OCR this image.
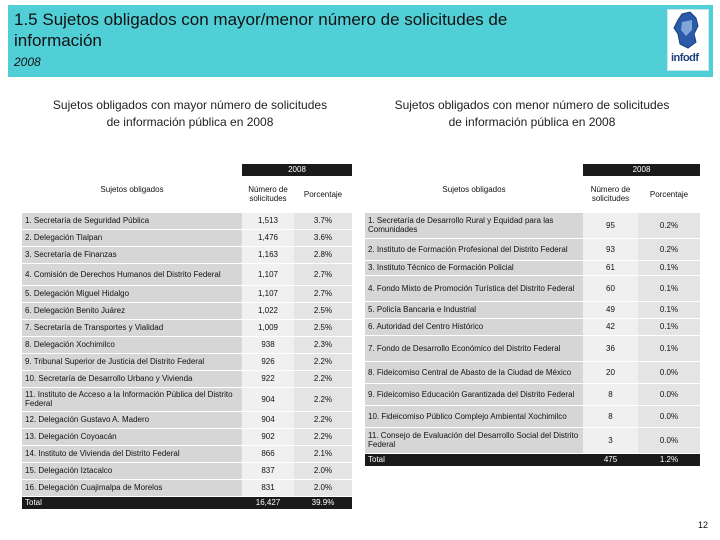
1.5 Sujetos obligados con mayor/menor número de solicitudes de información
2008	infodf
Sujetos obligados con mayor número de solicitudes de información pública en 2008
Sujetos obligados con menor número de solicitudes de información pública en 2008
	2008	
Sujetos obligados	Número de solicitudes	Porcentaje
1. Secretaría de Seguridad Pública	1,513	3.7%
2. Delegación Tlalpan	1,476	3.6%
3. Secretaría de Finanzas	1,163	2.8%
4. Comisión de Derechos Humanos del Distrito Federal	1,107	2.7%
5. Delegación Miguel Hidalgo	1,107	2.7%
6. Delegación Benito Juárez	1,022	2.5%
7. Secretaría de Transportes y Vialidad	1,009	2.5%
8. Delegación Xochimilco	938	2.3%
9. Tribunal Superior de Justicia del Distrito Federal	926	2.2%
10. Secretaría de Desarrollo Urbano y Vivienda	922	2.2%
11. Instituto de Acceso a la Información Pública del Distrito Federal	904	2.2%
12. Delegación Gustavo A. Madero	904	2.2%
13. Delegación Coyoacán	902	2.2%
14. Instituto de Vivienda del Distrito Federal	866	2.1%
15. Delegación Iztacalco	837	2.0%
16. Delegación Cuajimalpa de Morelos	831	2.0%
Total	16,427	39.9%
	2008	
Sujetos obligados	Número de solicitudes	Porcentaje
1. Secretaría de Desarrollo Rural y Equidad para las Comunidades	95	0.2%
2. Instituto de Formación Profesional del Distrito Federal	93	0.2%
3. Instituto Técnico de Formación Policial	61	0.1%
4. Fondo Mixto de Promoción Turística del Distrito Federal	60	0.1%
5. Policía Bancaria e Industrial	49	0.1%
6. Autoridad del Centro Histórico	42	0.1%
7. Fondo de Desarrollo Económico del Distrito Federal	36	0.1%
8. Fideicomiso Central de Abasto de la Ciudad de México	20	0.0%
9. Fideicomiso Educación Garantizada del Distrito Federal	8	0.0%
10. Fideicomiso Público Complejo Ambiental Xochimilco	8	0.0%
11. Consejo de Evaluación del Desarrollo Social del Distrito Federal	3	0.0%
Total	475	1.2%
12
